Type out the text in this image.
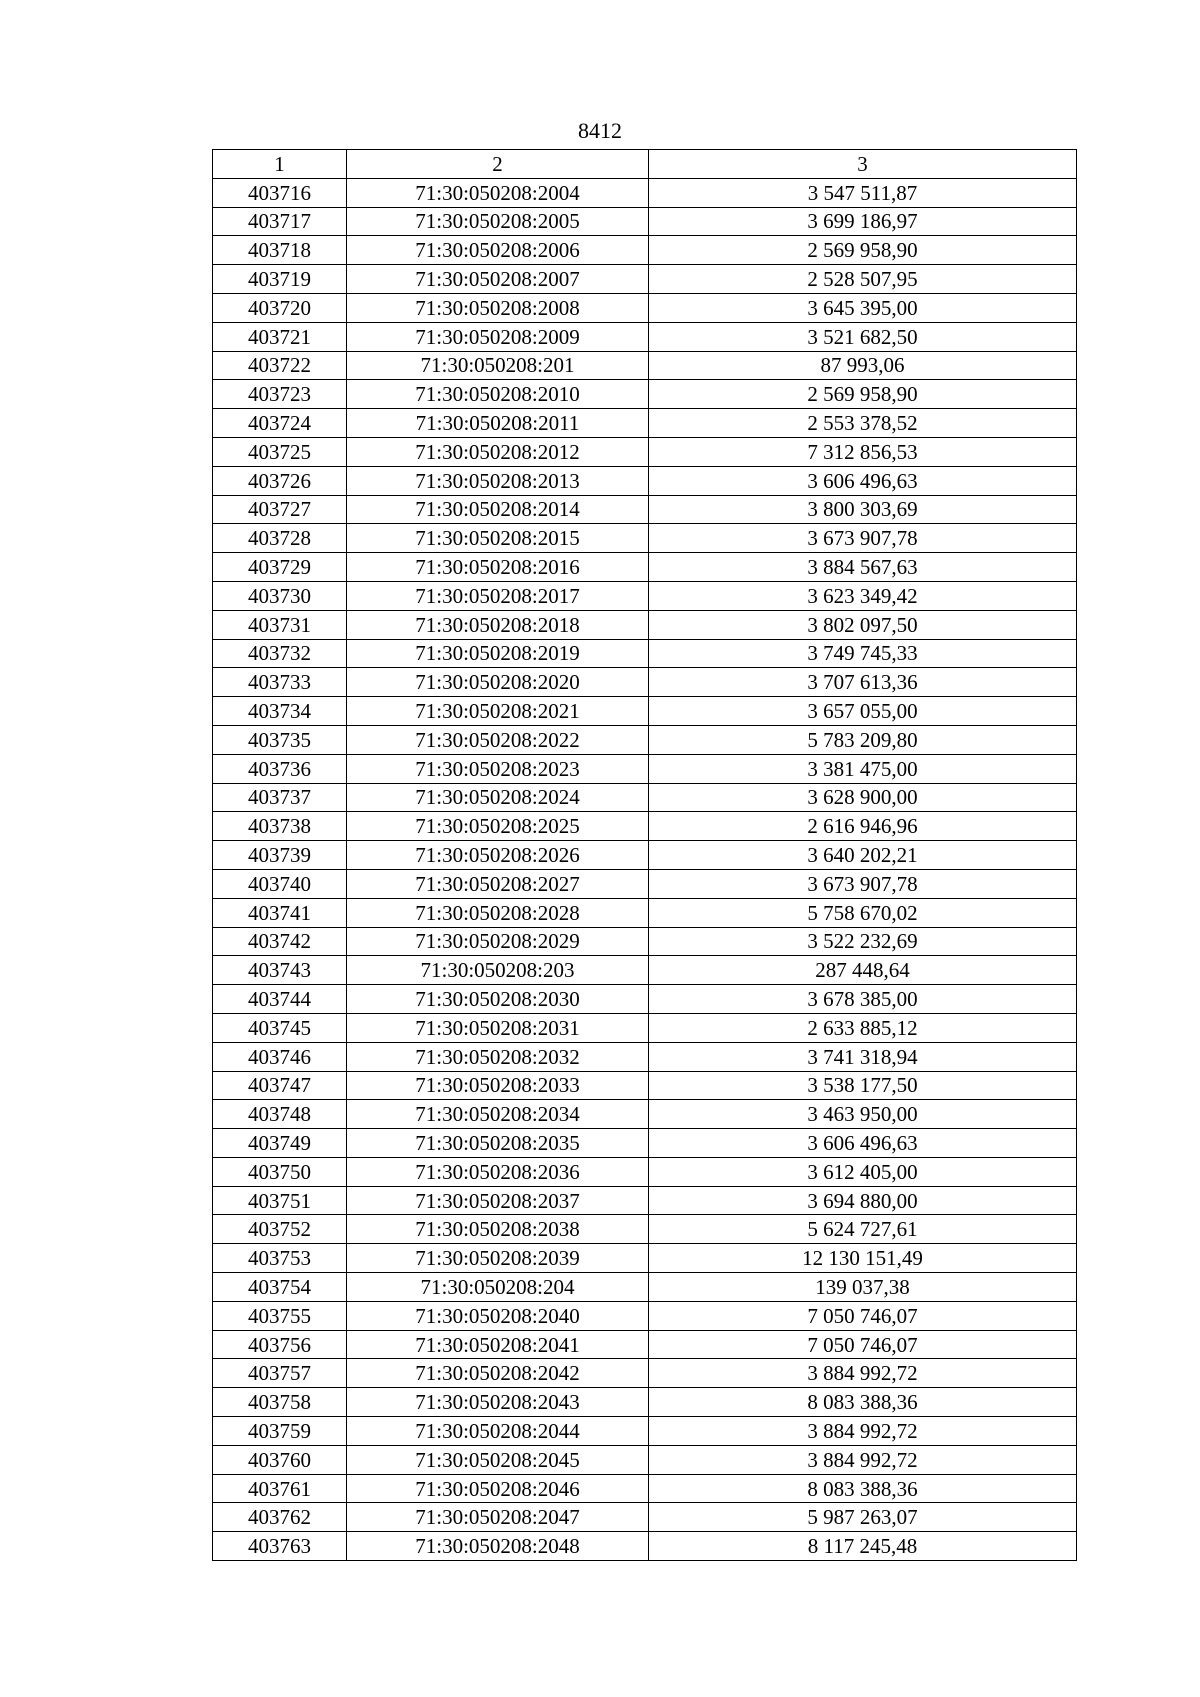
8412
1	2	3
403716	71:30:050208:2004	3 547 511,87
403717	71:30:050208:2005	3 699 186,97
403718	71:30:050208:2006	2 569 958,90
403719	71:30:050208:2007	2 528 507,95
403720	71:30:050208:2008	3 645 395,00
403721	71:30:050208:2009	3 521 682,50
403722	71:30:050208:201	87 993,06
403723	71:30:050208:2010	2 569 958,90
403724	71:30:050208:2011	2 553 378,52
403725	71:30:050208:2012	7 312 856,53
403726	71:30:050208:2013	3 606 496,63
403727	71:30:050208:2014	3 800 303,69
403728	71:30:050208:2015	3 673 907,78
403729	71:30:050208:2016	3 884 567,63
403730	71:30:050208:2017	3 623 349,42
403731	71:30:050208:2018	3 802 097,50
403732	71:30:050208:2019	3 749 745,33
403733	71:30:050208:2020	3 707 613,36
403734	71:30:050208:2021	3 657 055,00
403735	71:30:050208:2022	5 783 209,80
403736	71:30:050208:2023	3 381 475,00
403737	71:30:050208:2024	3 628 900,00
403738	71:30:050208:2025	2 616 946,96
403739	71:30:050208:2026	3 640 202,21
403740	71:30:050208:2027	3 673 907,78
403741	71:30:050208:2028	5 758 670,02
403742	71:30:050208:2029	3 522 232,69
403743	71:30:050208:203	287 448,64
403744	71:30:050208:2030	3 678 385,00
403745	71:30:050208:2031	2 633 885,12
403746	71:30:050208:2032	3 741 318,94
403747	71:30:050208:2033	3 538 177,50
403748	71:30:050208:2034	3 463 950,00
403749	71:30:050208:2035	3 606 496,63
403750	71:30:050208:2036	3 612 405,00
403751	71:30:050208:2037	3 694 880,00
403752	71:30:050208:2038	5 624 727,61
403753	71:30:050208:2039	12 130 151,49
403754	71:30:050208:204	139 037,38
403755	71:30:050208:2040	7 050 746,07
403756	71:30:050208:2041	7 050 746,07
403757	71:30:050208:2042	3 884 992,72
403758	71:30:050208:2043	8 083 388,36
403759	71:30:050208:2044	3 884 992,72
403760	71:30:050208:2045	3 884 992,72
403761	71:30:050208:2046	8 083 388,36
403762	71:30:050208:2047	5 987 263,07
403763	71:30:050208:2048	8 117 245,48
